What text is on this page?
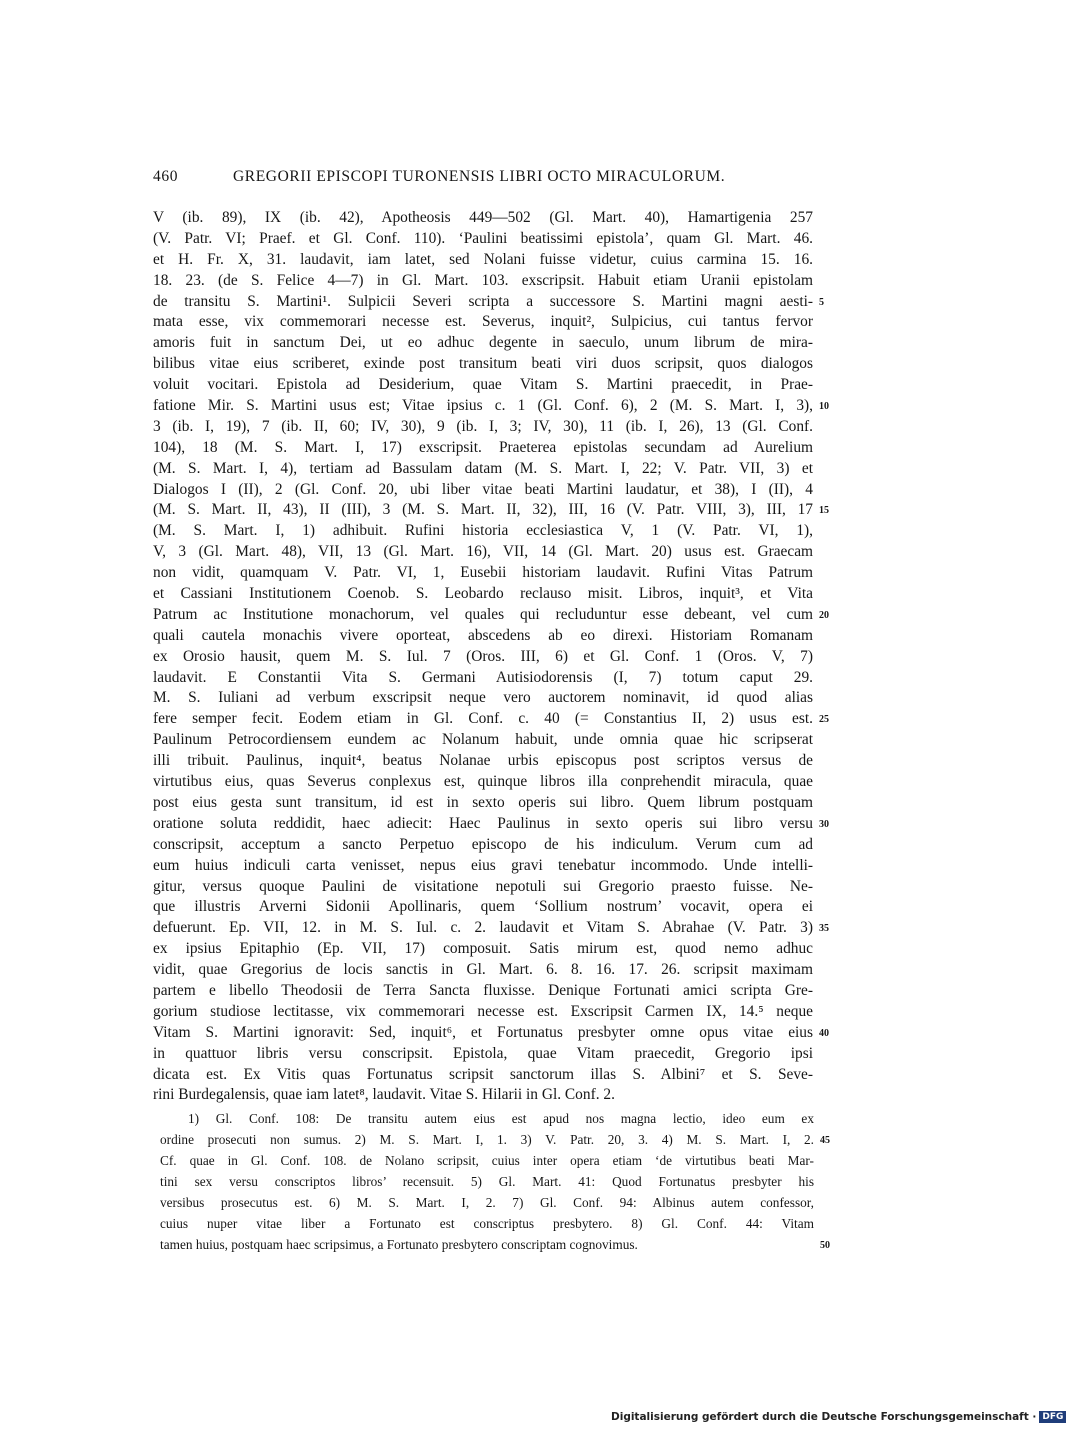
460	GREGORII EPISCOPI TURONENSIS LIBRI OCTO MIRACULORUM.
V (ib. 89), IX (ib. 42), Apotheosis 449—502 (Gl. Mart. 40), Hamartigenia 257
(V. Patr. VI; Praef. et Gl. Conf. 110). ‘Paulini beatissimi epistola’, quam Gl. Mart. 46.
et H. Fr. X, 31. laudavit, iam latet, sed Nolani fuisse videtur, cuius carmina 15. 16.
18. 23. (de S. Felice 4—7) in Gl. Mart. 103. exscripsit. Habuit etiam Uranii epistolam
de transitu S. Martini¹. Sulpicii Severi scripta a successore S. Martini magni aesti- 5
mata esse, vix commemorari necesse est. Severus, inquit², Sulpicius, cui tantus fervor
amoris fuit in sanctum Dei, ut eo adhuc degente in saeculo, unum librum de mira-
bilibus vitae eius scriberet, exinde post transitum beati viri duos scripsit, quos dialogos
voluit vocitari. Epistola ad Desiderium, quae Vitam S. Martini praecedit, in Prae-
fatione Mir. S. Martini usus est; Vitae ipsius c. 1 (Gl. Conf. 6), 2 (M. S. Mart. I, 3), 10
3 (ib. I, 19), 7 (ib. II, 60; IV, 30), 9 (ib. I, 3; IV, 30), 11 (ib. I, 26), 13 (Gl. Conf.
104), 18 (M. S. Mart. I, 17) exscripsit. Praeterea epistolas secundam ad Aurelium
(M. S. Mart. I, 4), tertiam ad Bassulam datam (M. S. Mart. I, 22; V. Patr. VII, 3) et
Dialogos I (II), 2 (Gl. Conf. 20, ubi liber vitae beati Martini laudatur, et 38), I (II), 4
(M. S. Mart. II, 43), II (III), 3 (M. S. Mart. II, 32), III, 16 (V. Patr. VIII, 3), III, 17 15
(M. S. Mart. I, 1) adhibuit. Rufini historia ecclesiastica V, 1 (V. Patr. VI, 1),
V, 3 (Gl. Mart. 48), VII, 13 (Gl. Mart. 16), VII, 14 (Gl. Mart. 20) usus est. Graecam
non vidit, quamquam V. Patr. VI, 1, Eusebii historiam laudavit. Rufini Vitas Patrum
et Cassiani Institutionem Coenob. S. Leobardo reclauso misit. Libros, inquit³, et Vita
Patrum ac Institutione monachorum, vel quales qui recluduntur esse debeant, vel cum 20
quali cautela monachis vivere oporteat, abscedens ab eo direxi. Historiam Romanam
ex Orosio hausit, quem M. S. Iul. 7 (Oros. III, 6) et Gl. Conf. 1 (Oros. V, 7)
laudavit. E Constantii Vita S. Germani Autisiodorensis (I, 7) totum caput 29.
M. S. Iuliani ad verbum exscripsit neque vero auctorem nominavit, id quod alias
fere semper fecit. Eodem etiam in Gl. Conf. c. 40 (= Constantius II, 2) usus est. 25
Paulinum Petrocordiensem eundem ac Nolanum habuit, unde omnia quae hic scripserat
illi tribuit. Paulinus, inquit⁴, beatus Nolanae urbis episcopus post scriptos versus de
virtutibus eius, quas Severus conplexus est, quinque libros illa conprehendit miracula, quae
post eius gesta sunt transitum, id est in sexto operis sui libro. Quem librum postquam
oratione soluta reddidit, haec adiecit: Haec Paulinus in sexto operis sui libro versu 30
conscripsit, acceptum a sancto Perpetuo episcopo de his indiculum. Verum cum ad
eum huius indiculi carta venisset, nepus eius gravi tenebatur incommodo. Unde intelli-
gitur, versus quoque Paulini de visitatione nepotuli sui Gregorio praesto fuisse. Ne-
que illustris Arverni Sidonii Apollinaris, quem ‘Sollium nostrum’ vocavit, opera ei
defuerunt. Ep. VII, 12. in M. S. Iul. c. 2. laudavit et Vitam S. Abrahae (V. Patr. 3) 35
ex ipsius Epitaphio (Ep. VII, 17) composuit. Satis mirum est, quod nemo adhuc
vidit, quae Gregorius de locis sanctis in Gl. Mart. 6. 8. 16. 17. 26. scripsit maximam
partem e libello Theodosii de Terra Sancta fluxisse. Denique Fortunati amici scripta Gre-
gorium studiose lectitasse, vix commemorari necesse est. Exscripsit Carmen IX, 14.⁵ neque
Vitam S. Martini ignoravit: Sed, inquit⁶, et Fortunatus presbyter omne opus vitae eius 40
in quattuor libris versu conscripsit. Epistola, quae Vitam praecedit, Gregorio ipsi
dicata est. Ex Vitis quas Fortunatus scripsit sanctorum illas S. Albini⁷ et S. Seve-
rini Burdegalensis, quae iam latet⁸, laudavit. Vitae S. Hilarii in Gl. Conf. 2.
1) Gl. Conf. 108: De transitu autem eius est apud nos magna lectio, ideo eum ex
ordine prosecuti non sumus. 2) M. S. Mart. I, 1. 3) V. Patr. 20, 3. 4) M. S. Mart. I, 2. 45
Cf. quae in Gl. Conf. 108. de Nolano scripsit, cuius inter opera etiam ‘de virtutibus beati Mar-
tini sex versu conscriptos libros’ recensuit. 5) Gl. Mart. 41: Quod Fortunatus presbyter his
versibus prosecutus est. 6) M. S. Mart. I, 2. 7) Gl. Conf. 94: Albinus autem confessor,
cuius nuper vitae liber a Fortunato est conscriptus presbytero. 8) Gl. Conf. 44: Vitam
tamen huius, postquam haec scripsimus, a Fortunato presbytero conscriptam cognovimus.	50
Digitalisierung gefördert durch die Deutsche Forschungsgemeinschaft · DFG
